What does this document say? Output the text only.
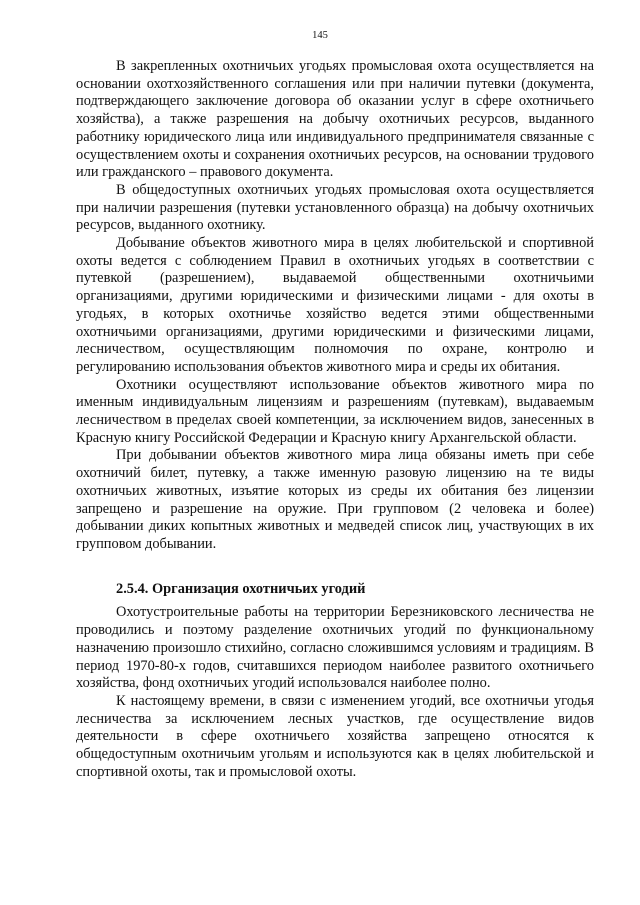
145

В закрепленных охотничьих угодьях промысловая охота осуществляется на основании охотхозяйственного соглашения или при наличии путевки (документа, подтверждающего заключение договора об оказании услуг в сфере охотничьего хозяйства), а также разрешения на добычу охотничьих ресурсов, выданного работнику юридического лица или индивидуального предпринимателя связанные с осуществлением охоты и сохранения охотничьих ресурсов, на основании трудового или гражданского – правового документа.

В общедоступных охотничьих угодьях промысловая охота осуществляется при наличии разрешения (путевки установленного образца) на добычу охотничьих ресурсов, выданного охотнику.

Добывание объектов животного мира в целях любительской и спортивной охоты ведется с соблюдением Правил в охотничьих угодьях в соответствии с путевкой (разрешением), выдаваемой общественными охотничьими организациями, другими юридическими и физическими лицами - для охоты в угодьях, в которых охотничье хозяйство ведется этими общественными охотничьими организациями, другими юридическими и физическими лицами, лесничеством, осуществляющим полномочия по охране, контролю и регулированию использования объектов животного мира и среды их обитания.

Охотники осуществляют использование объектов животного мира по именным индивидуальным лицензиям и разрешениям (путевкам), выдаваемым лесничеством в пределах своей компетенции, за исключением видов, занесенных в Красную книгу Российской Федерации и Красную книгу Архангельской области.

При добывании объектов животного мира лица обязаны иметь при себе охотничий билет, путевку, а также именную разовую лицензию на те виды охотничьих животных, изъятие которых из среды их обитания без лицензии запрещено и разрешение на оружие. При групповом (2 человека и более) добывании диких копытных животных и медведей список лиц, участвующих в их групповом добывании.

2.5.4. Организация охотничьих угодий

Охотустроительные работы на территории Березниковского лесничества не проводились и поэтому разделение охотничьих угодий по функциональному назначению произошло стихийно, согласно сложившимся условиям и традициям. В период 1970-80-х годов, считавшихся периодом наиболее развитого охотничьего хозяйства, фонд охотничьих угодий использовался наиболее полно.

К настоящему времени, в связи с изменением угодий, все охотничьи угодья лесничества за исключением лесных участков, где осуществление видов деятельности в сфере охотничьего хозяйства запрещено относятся к общедоступным охотничьим угольям и используются как в целях любительской и спортивной охоты, так и промысловой охоты.
